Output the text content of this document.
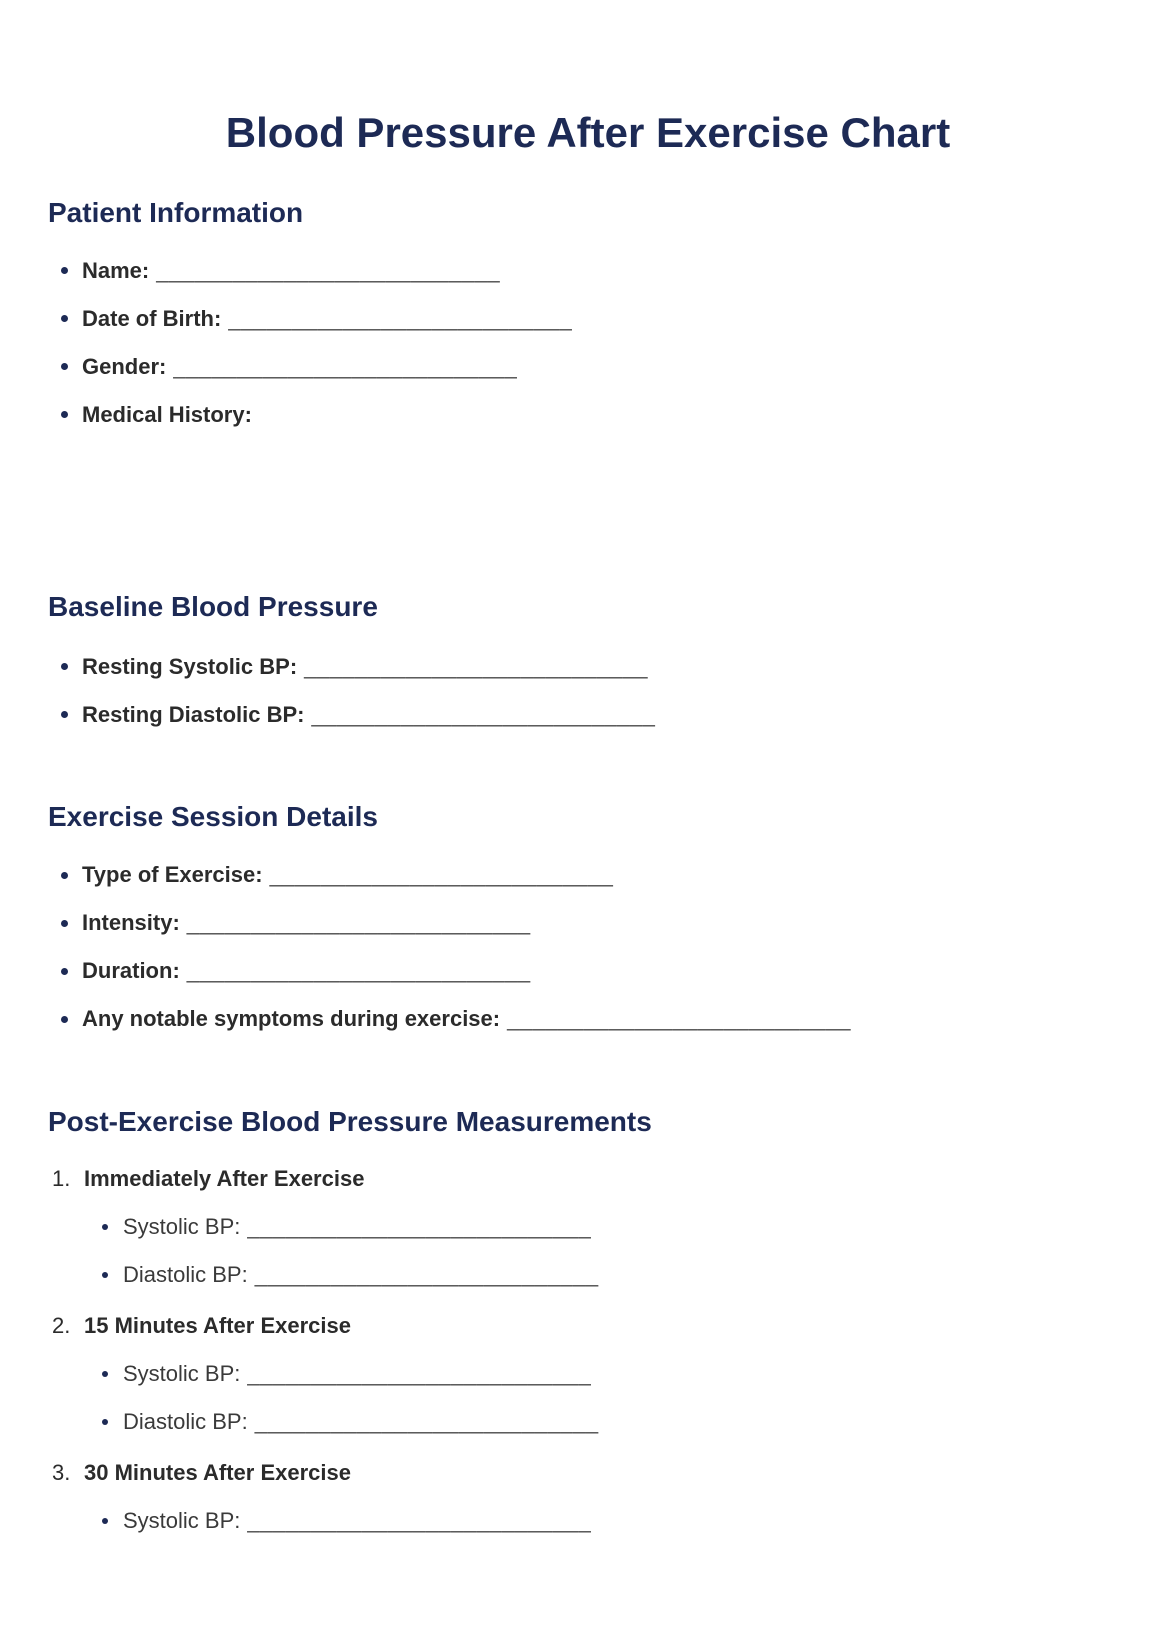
Blood Pressure After Exercise Chart
Patient Information
Name: ___________________________
Date of Birth: ___________________________
Gender: ___________________________
Medical History:
Baseline Blood Pressure
Resting Systolic BP: ___________________________
Resting Diastolic BP: ___________________________
Exercise Session Details
Type of Exercise: ___________________________
Intensity: ___________________________
Duration: ___________________________
Any notable symptoms during exercise: ___________________________
Post-Exercise Blood Pressure Measurements
1. Immediately After Exercise
Systolic BP: ___________________________
Diastolic BP: ___________________________
2. 15 Minutes After Exercise
Systolic BP: ___________________________
Diastolic BP: ___________________________
3. 30 Minutes After Exercise
Systolic BP: ___________________________
